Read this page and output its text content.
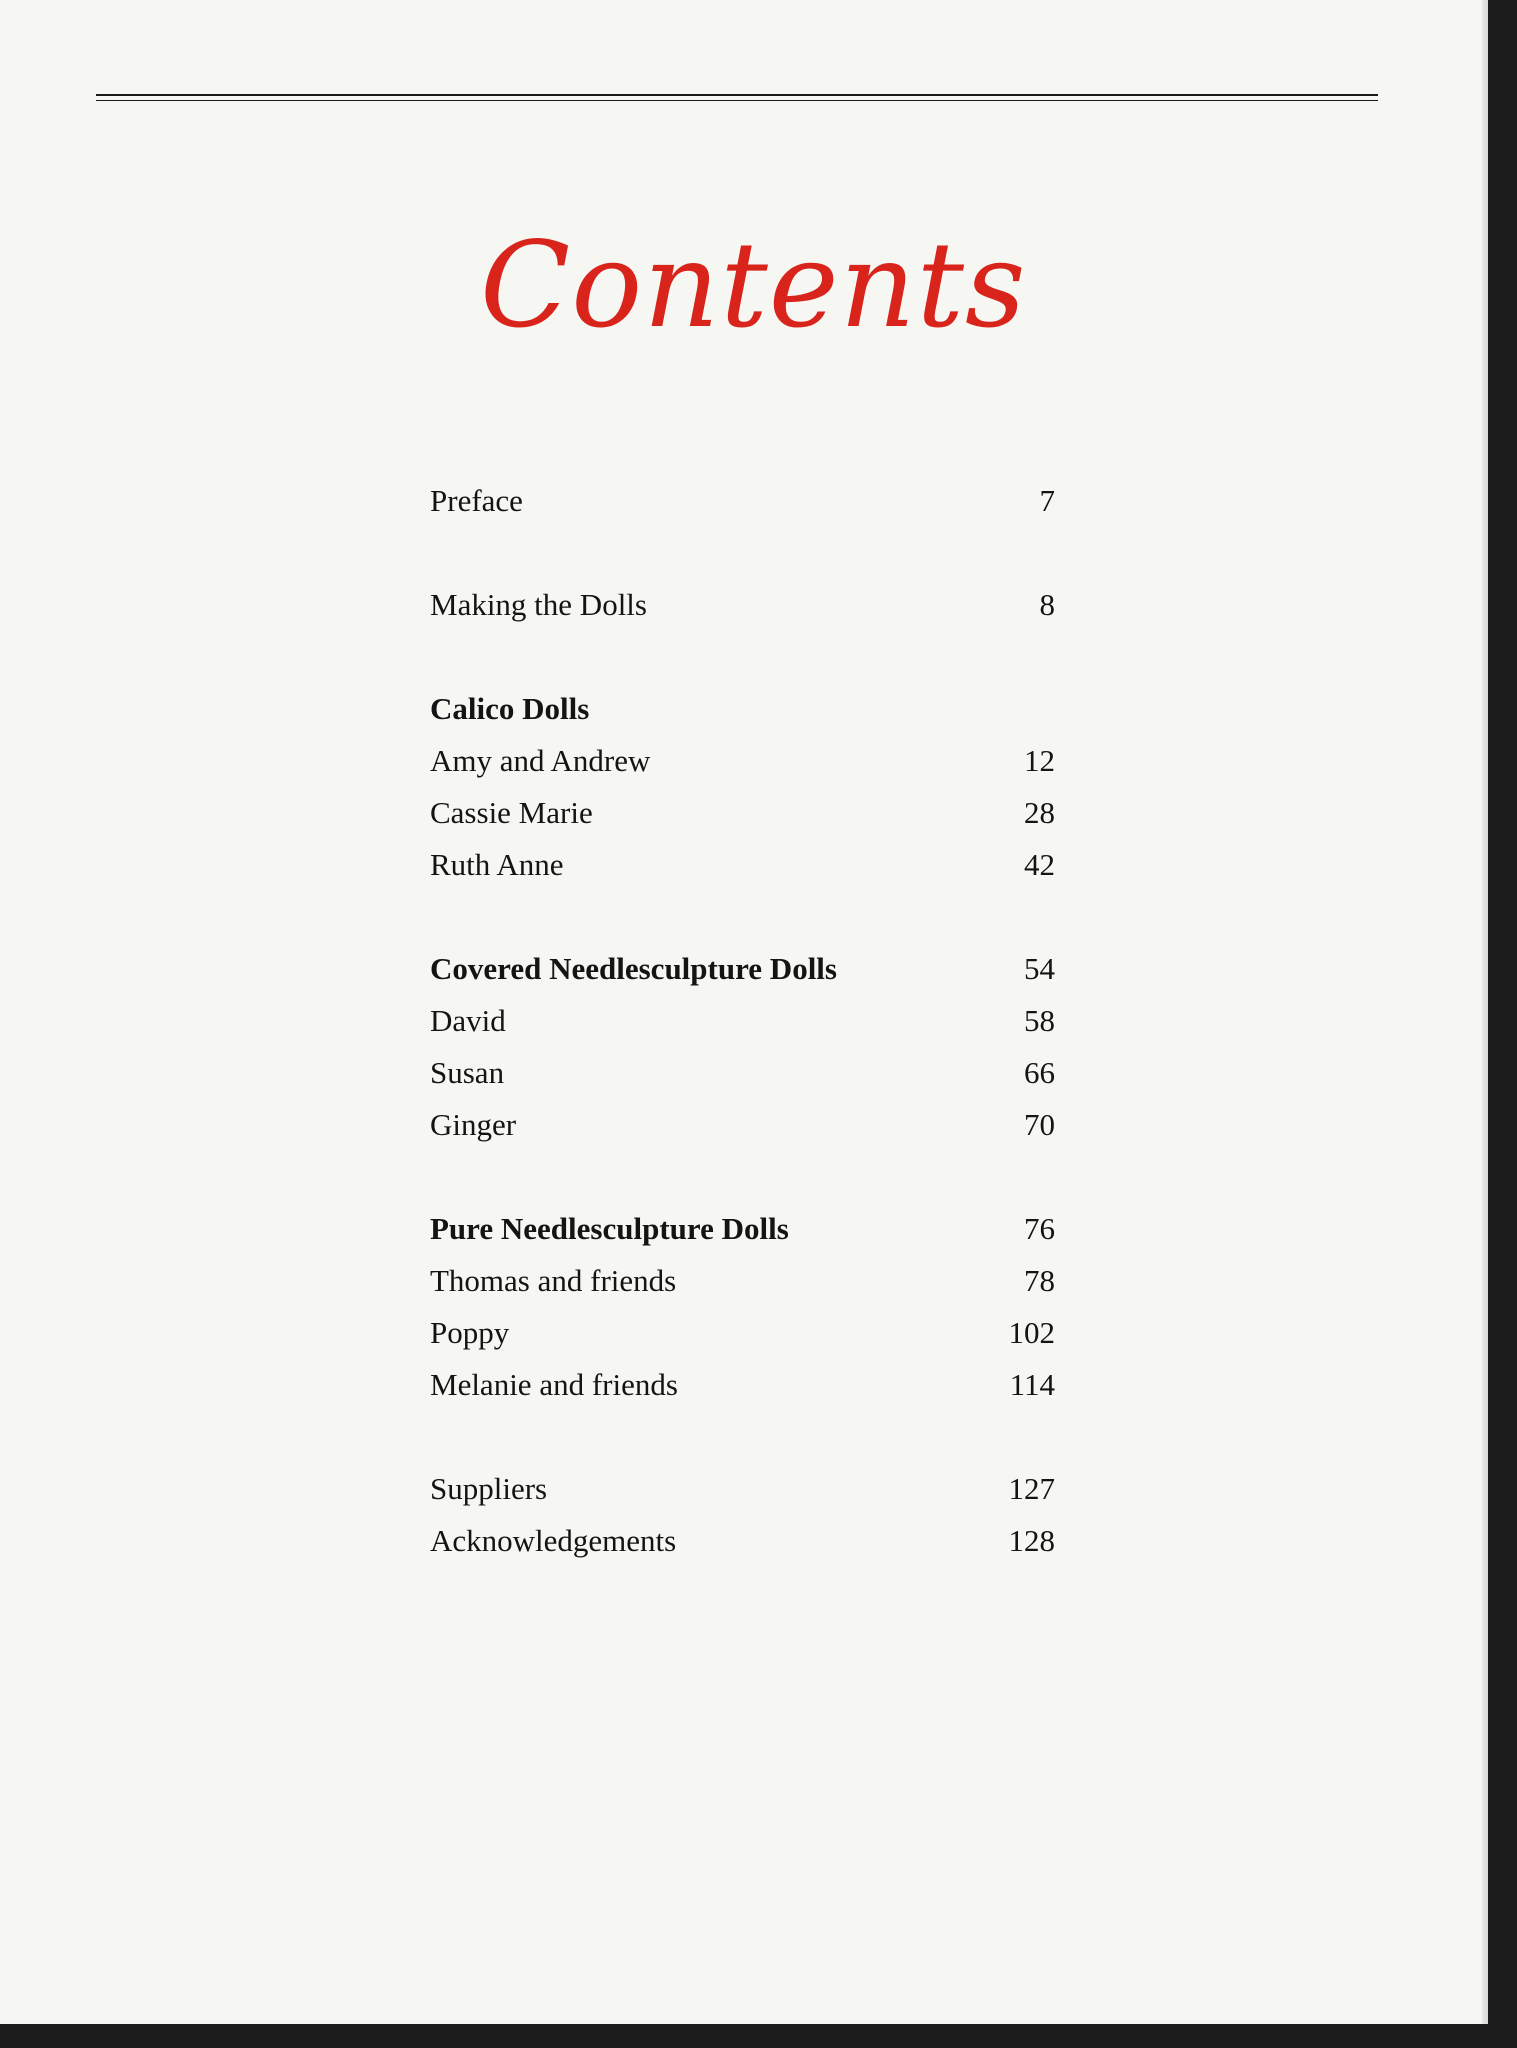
Contents
Preface	7
Making the Dolls	8
Calico Dolls
Amy and Andrew	12
Cassie Marie	28
Ruth Anne	42
Covered Needlesculpture Dolls	54
David	58
Susan	66
Ginger	70
Pure Needlesculpture Dolls	76
Thomas and friends	78
Poppy	102
Melanie and friends	114
Suppliers	127
Acknowledgements	128
